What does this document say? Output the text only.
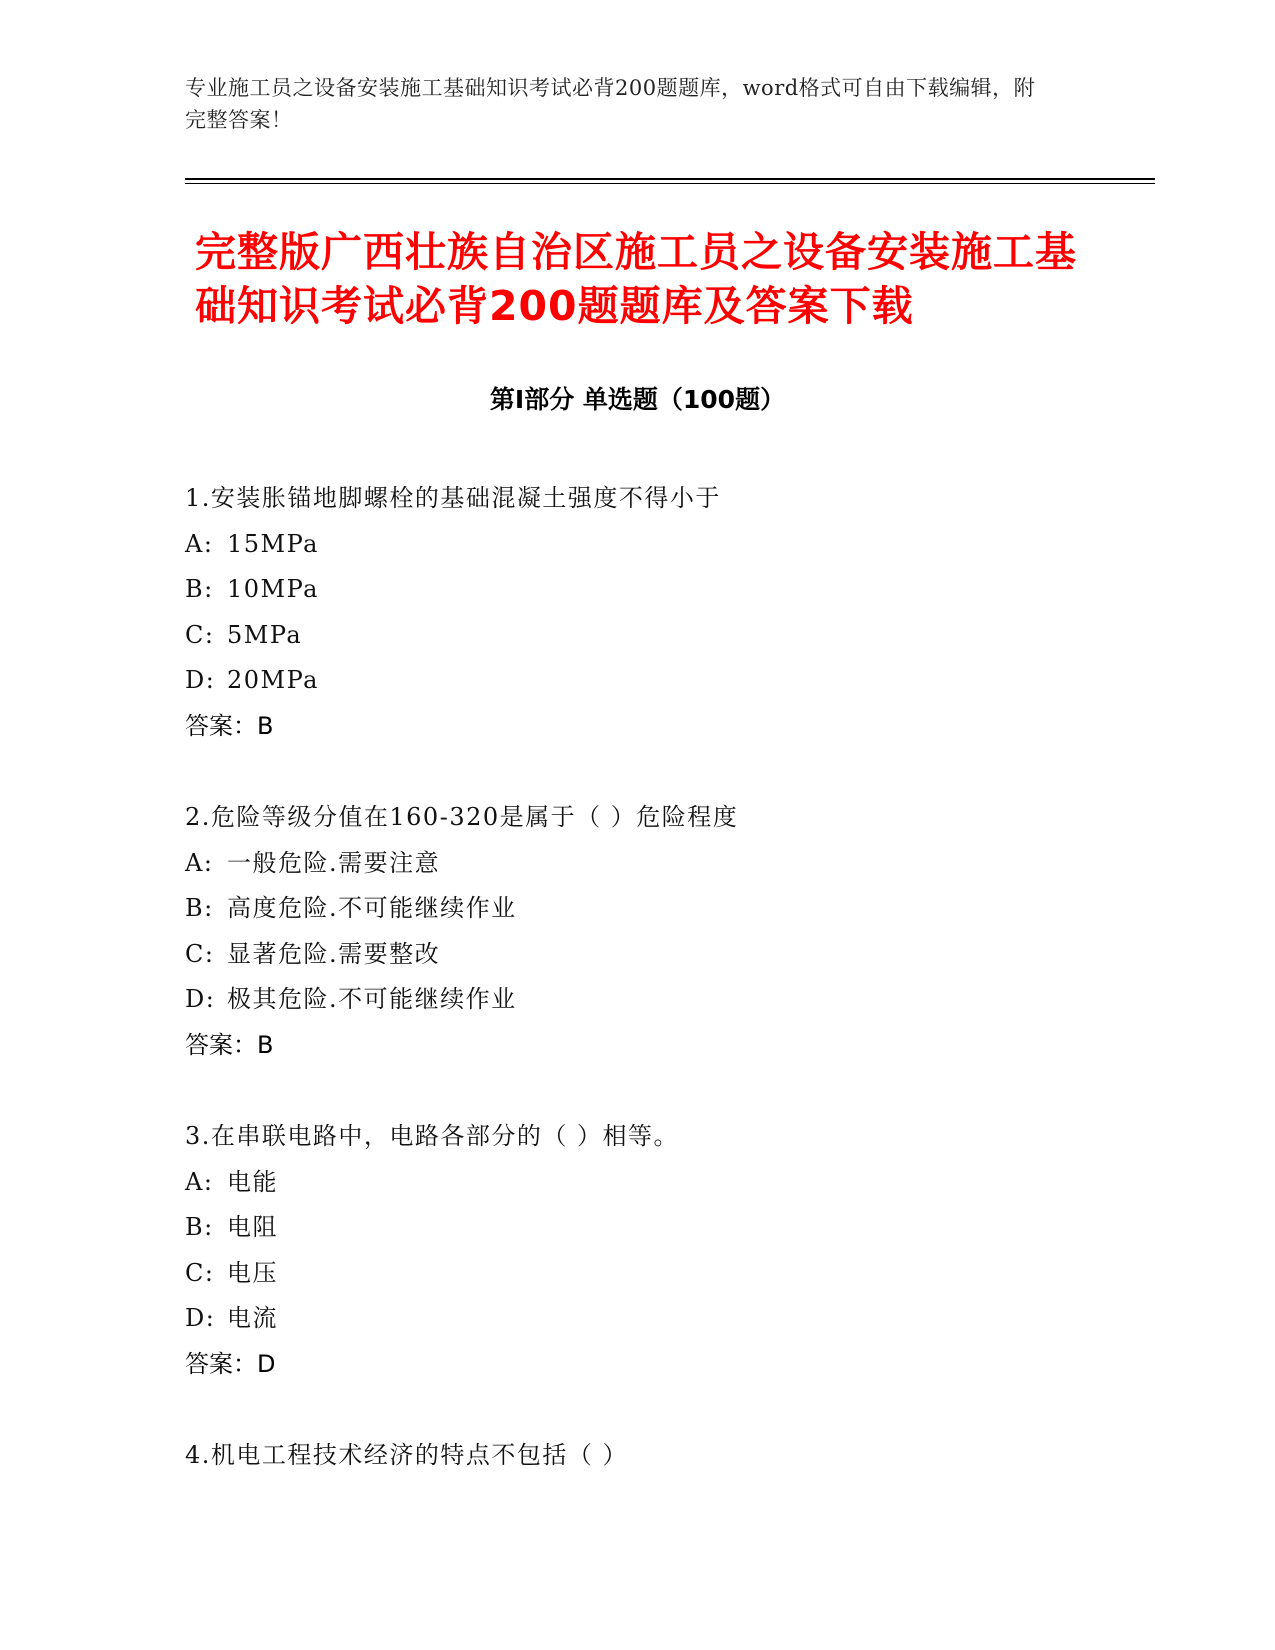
专业施工员之设备安装施工基础知识考试必背200题题库，word格式可自由下载编辑，附完整答案！
完整版广西壮族自治区施工员之设备安装施工基础知识考试必背200题题库及答案下载
第Ⅰ部分 单选题（100题）
1.安装胀锚地脚螺栓的基础混凝土强度不得小于
A: 15MPa
B: 10MPa
C: 5MPa
D: 20MPa
答案：B
2.危险等级分值在160-320是属于（ ）危险程度
A: 一般危险.需要注意
B: 高度危险.不可能继续作业
C: 显著危险.需要整改
D: 极其危险.不可能继续作业
答案：B
3.在串联电路中，电路各部分的（ ）相等。
A: 电能
B: 电阻
C: 电压
D: 电流
答案：D
4.机电工程技术经济的特点不包括（ ）
